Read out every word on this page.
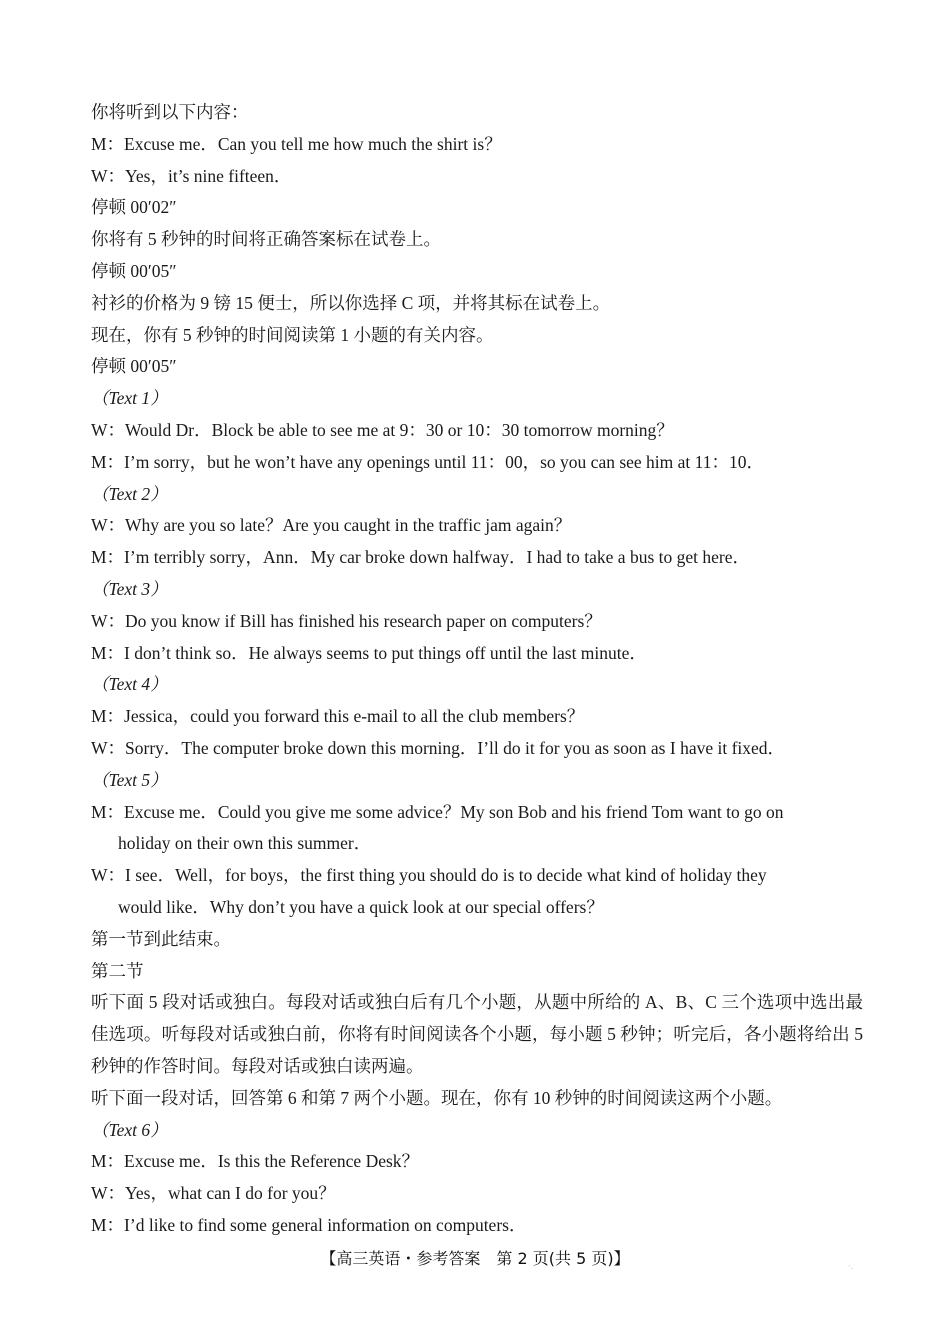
你将听到以下内容：
M：Excuse me．Can you tell me how much the shirt is？
W：Yes，it’s nine fifteen．
停顿 00′02″
你将有 5 秒钟的时间将正确答案标在试卷上。
停顿 00′05″
衬衫的价格为 9 镑 15 便士，所以你选择 C 项，并将其标在试卷上。
现在，你有 5 秒钟的时间阅读第 1 小题的有关内容。
停顿 00′05″
（Text 1）
W：Would Dr．Block be able to see me at 9：30 or 10：30 tomorrow morning？
M：I’m sorry，but he won’t have any openings until 11：00，so you can see him at 11：10．
（Text 2）
W：Why are you so late？Are you caught in the traffic jam again？
M：I’m terribly sorry，Ann．My car broke down halfway．I had to take a bus to get here．
（Text 3）
W：Do you know if Bill has finished his research paper on computers？
M：I don’t think so．He always seems to put things off until the last minute．
（Text 4）
M：Jessica，could you forward this e-mail to all the club members？
W：Sorry．The computer broke down this morning．I’ll do it for you as soon as I have it fixed．
（Text 5）
M：Excuse me．Could you give me some advice？My son Bob and his friend Tom want to go on
holiday on their own this summer．
W：I see．Well，for boys，the first thing you should do is to decide what kind of holiday they
would like．Why don’t you have a quick look at our special offers？
第一节到此结束。
第二节
听下面 5 段对话或独白。每段对话或独白后有几个小题，从题中所给的 A、B、C 三个选项中选出最佳选项。听每段对话或独白前，你将有时间阅读各个小题，每小题 5 秒钟；听完后，各小题将给出 5 秒钟的作答时间。每段对话或独白读两遍。
听下面一段对话，回答第 6 和第 7 两个小题。现在，你有 10 秒钟的时间阅读这两个小题。
（Text 6）
M：Excuse me．Is this the Reference Desk？
W：Yes，what can I do for you？
M：I’d like to find some general information on computers．
【高三英语・参考答案　第 2 页(共 5 页)】	·.
